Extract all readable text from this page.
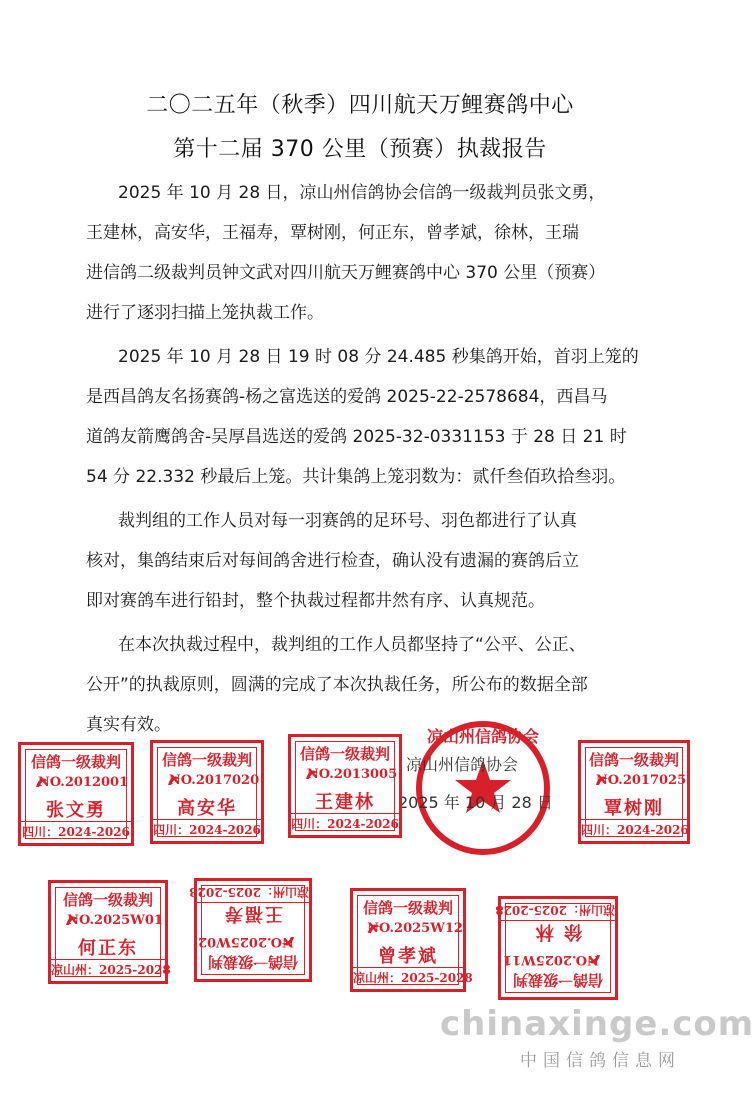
二〇二五年（秋季）四川航天万鲤赛鸽中心
第十二届 370 公里（预赛）执裁报告
2025 年 10 月 28 日，凉山州信鸽协会信鸽一级裁判员张文勇，
王建林，高安华，王福寿，覃树刚，何正东，曾孝斌，徐林，王瑞
进信鸽二级裁判员钟文武对四川航天万鲤赛鸽中心 370 公里（预赛）
进行了逐羽扫描上笼执裁工作。
2025 年 10 月 28 日 19 时 08 分 24.485 秒集鸽开始，首羽上笼的
是西昌鸽友名扬赛鸽-杨之富选送的爱鸽 2025-22-2578684，西昌马
道鸽友箭鹰鸽舍-吴厚昌选送的爱鸽 2025-32-0331153 于 28 日 21 时
54 分 22.332 秒最后上笼。共计集鸽上笼羽数为：贰仟叁佰玖拾叁羽。
裁判组的工作人员对每一羽赛鸽的足环号、羽色都进行了认真
核对，集鸽结束后对每间鸽舍进行检查，确认没有遗漏的赛鸽后立
即对赛鸽车进行铅封，整个执裁过程都井然有序、认真规范。
在本次执裁过程中，裁判组的工作人员都坚持了“公平、公正、
公开”的执裁原则，圆满的完成了本次执裁任务，所公布的数据全部
真实有效。
凉山州信鸽协会
凉山州信鸽协会
2025 年 10 月 28 日
信鸽一级裁判
NO.2012001
张文勇
四川：2024-2026
信鸽一级裁判
NO.2017020
高安华
四川：2024-2026
信鸽一级裁判
NO.2013005
王建林
四川：2024-2026
信鸽一级裁判
NO.2017025
覃树刚
四川：2024-2026
信鸽一级裁判
NO.2025W01
何正东
凉山州：2025-2028	信鸽一级裁判
NO.2025W02
王福寿
凉山州：2025-2028
信鸽一级裁判
NO.2025W12
曾孝斌
凉山州：2025-2028	信鸽一级裁判
NO.2025W11
徐 林
凉山州：2025-2028
chinaxinge.com
中国信鸽信息网
